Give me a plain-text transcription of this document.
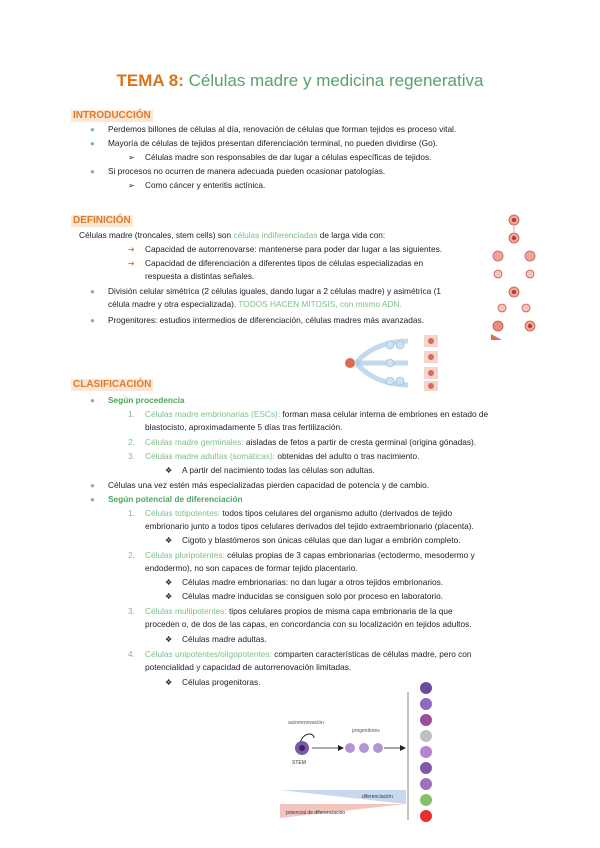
TEMA 8: Células madre y medicina regenerativa
INTRODUCCIÓN
● Perdemos billones de células al día, renovación de células que forman tejidos es proceso vital.
● Mayoría de células de tejidos presentan diferenciación terminal, no pueden dividirse (Go).
➢ Células madre son responsables de dar lugar a células específicas de tejidos.
● Si procesos no ocurren de manera adecuada pueden ocasionar patologías.
➢ Como cáncer y enteritis actínica.
DEFINICIÓN
Células madre (troncales, stem cells) son células indiferenciadas de larga vida con:
➔ Capacidad de autorrenovarse: mantenerse para poder dar lugar a las siguientes.
➔ Capacidad de diferenciación a diferentes tipos de células especializadas en
respuesta a distintas señales.
● División celular simétrica (2 células iguales, dando lugar a 2 células madre) y asimétrica (1
célula madre y otra especializada). TODOS HACEN MITOSIS, con mismo ADN.
● Progenitores: estudios intermedios de diferenciación, células madres más avanzadas.
CLASIFICACIÓN
● Según procedencia
1. Células madre embrionarias (ESCs): forman masa celular interna de embriones en estado de
blastocisto, aproximadamente 5 días tras fertilización.
2. Células madre germinales: aisladas de fetos a partir de cresta germinal (origina gónadas).
3. Células madre adultas (somáticas): obtenidas del adulto o tras nacimiento.
❖ A partir del nacimiento todas las células son adultas.
● Células una vez estén más especializadas pierden capacidad de potencia y de cambio.
● Según potencial de diferenciación
1. Células totipotentes: todos tipos celulares del organismo adulto (derivados de tejido
embrionario junto a todos tipos celulares derivados del tejido extraembrionario (placenta).
❖ Cigoto y blastómeros son únicas células que dan lugar a embrión completo.
2. Células pluripotentes: células propias de 3 capas embrionarias (ectodermo, mesodermo y
endodermo), no son capaces de formar tejido placentario.
❖ Células madre embrionarias: no dan lugar a otros tejidos embrionarios.
❖ Células madre inducidas se consiguen solo por proceso en laboratorio.
3. Células multipotentes: tipos celulares propios de misma capa embrionaria de la que
proceden o, de dos de las capas, en concordancia con su localización en tejidos adultos.
❖ Células madre adultas.
4. Células unipotentes/oligopotentes: comparten características de células madre, pero con
potencialidad y capacidad de autorrenovación limitadas.
❖ Células progenitoras.
autorrenovación
progenitores
STEM
diferenciación
potencial de diferenciación
